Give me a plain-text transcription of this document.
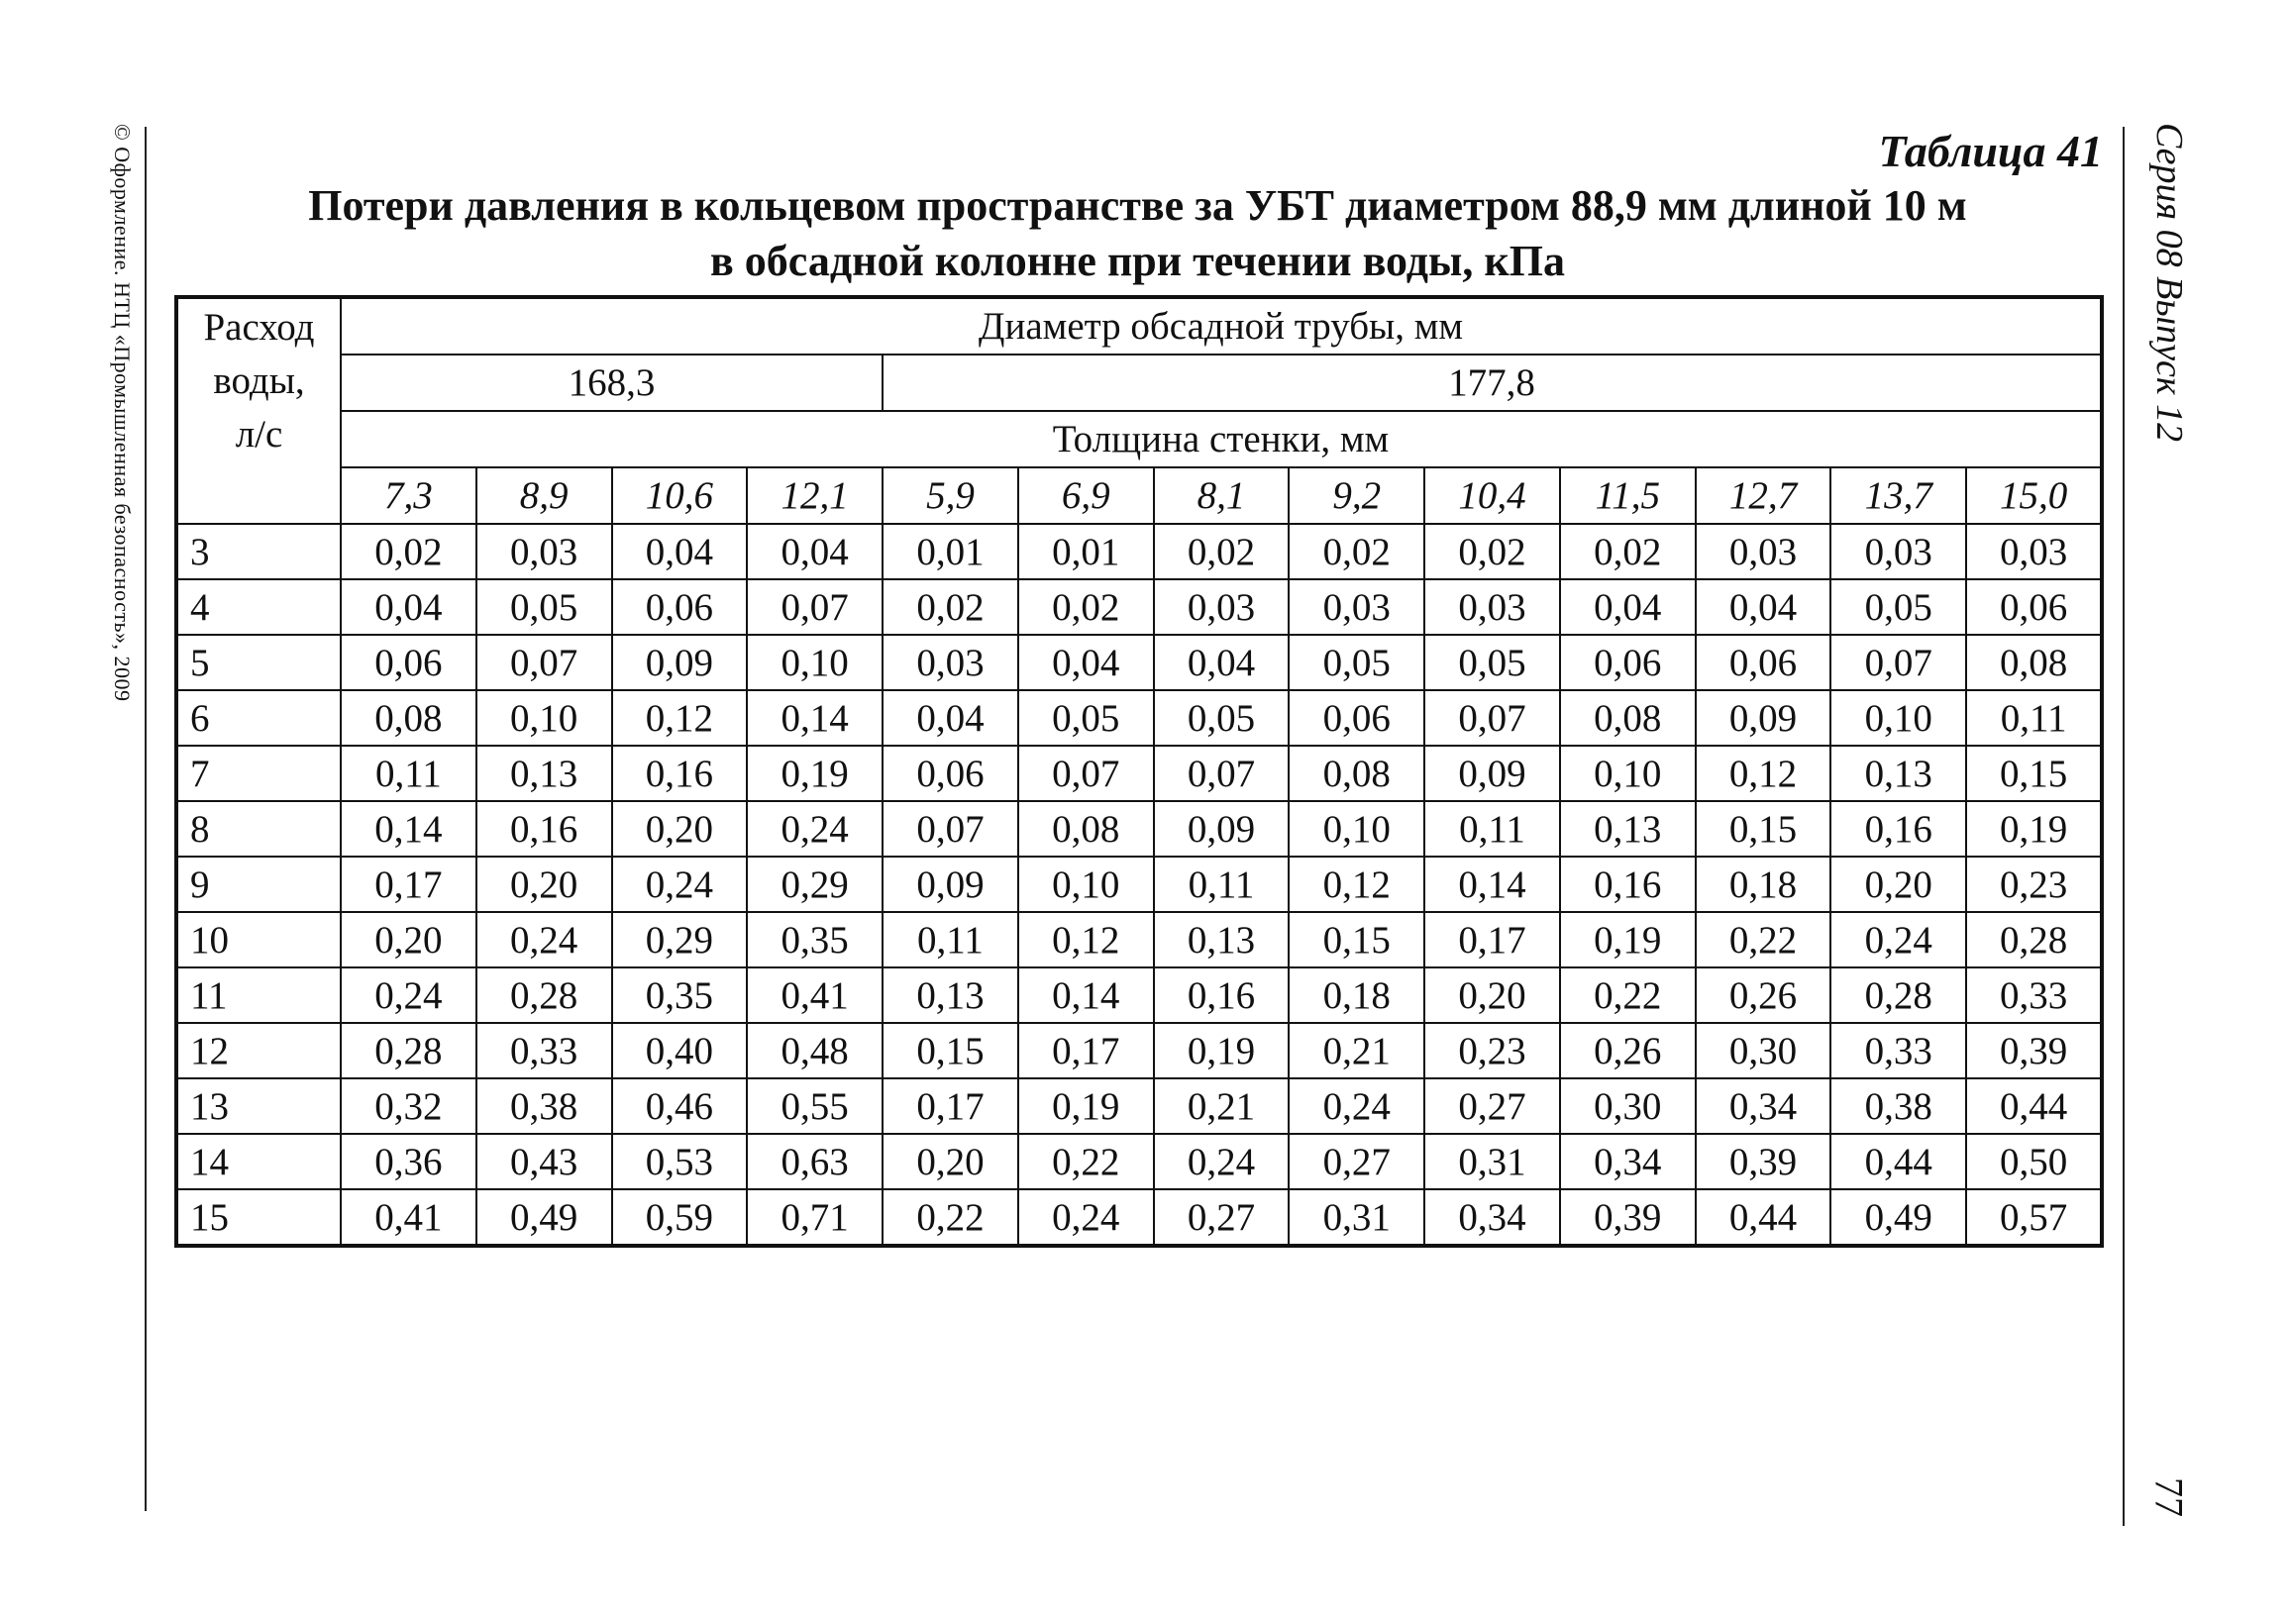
© Оформление. НТЦ «Промышленная безопасность», 2009	Серия 08 Выпуск 12
77
Таблица 41
Потери давления в кольцевом пространстве за УБТ диаметром 88,9 мм длиной 10 м
в обсадной колонне при течении воды, кПа
Расход
воды,
л/с	Диаметр обсадной трубы, мм												
	168,3				177,8								
	Толщина стенки, мм												
	7,3	8,9	10,6	12,1	5,9	6,9	8,1	9,2	10,4	11,5	12,7	13,7	15,0
3	0,02	0,03	0,04	0,04	0,01	0,01	0,02	0,02	0,02	0,02	0,03	0,03	0,03
4	0,04	0,05	0,06	0,07	0,02	0,02	0,03	0,03	0,03	0,04	0,04	0,05	0,06
5	0,06	0,07	0,09	0,10	0,03	0,04	0,04	0,05	0,05	0,06	0,06	0,07	0,08
6	0,08	0,10	0,12	0,14	0,04	0,05	0,05	0,06	0,07	0,08	0,09	0,10	0,11
7	0,11	0,13	0,16	0,19	0,06	0,07	0,07	0,08	0,09	0,10	0,12	0,13	0,15
8	0,14	0,16	0,20	0,24	0,07	0,08	0,09	0,10	0,11	0,13	0,15	0,16	0,19
9	0,17	0,20	0,24	0,29	0,09	0,10	0,11	0,12	0,14	0,16	0,18	0,20	0,23
10	0,20	0,24	0,29	0,35	0,11	0,12	0,13	0,15	0,17	0,19	0,22	0,24	0,28
11	0,24	0,28	0,35	0,41	0,13	0,14	0,16	0,18	0,20	0,22	0,26	0,28	0,33
12	0,28	0,33	0,40	0,48	0,15	0,17	0,19	0,21	0,23	0,26	0,30	0,33	0,39
13	0,32	0,38	0,46	0,55	0,17	0,19	0,21	0,24	0,27	0,30	0,34	0,38	0,44
14	0,36	0,43	0,53	0,63	0,20	0,22	0,24	0,27	0,31	0,34	0,39	0,44	0,50
15	0,41	0,49	0,59	0,71	0,22	0,24	0,27	0,31	0,34	0,39	0,44	0,49	0,57
